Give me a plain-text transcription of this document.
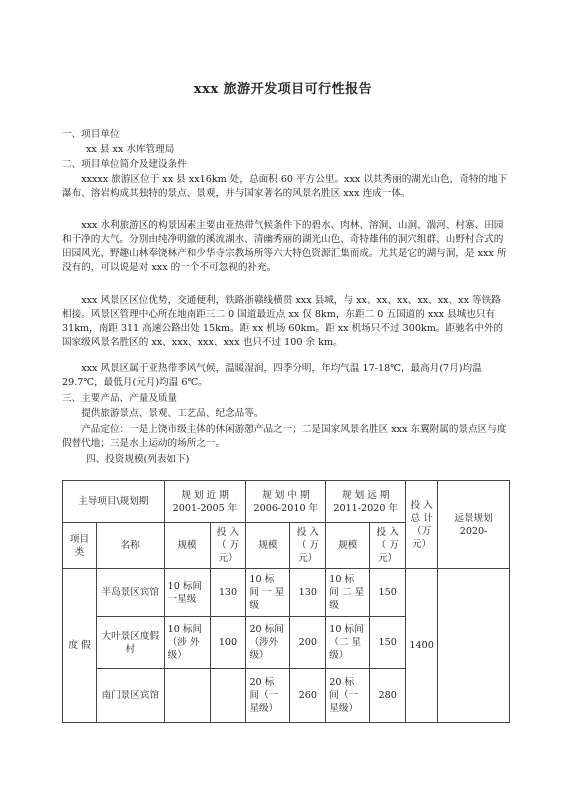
xxx 旅游开发项目可行性报告
一、项目单位
xx 县 xx 水库管理局
二、项目单位简介及建设条件

xxxxx 旅游区位于 xx 县 xx16km 处，总面积 60 平方公里。xxx 以其秀丽的湖光山色，奇特的地下瀑布、溶岩构成其独特的景点、景观，并与国家著名的风景名胜区 xxx 连成一体。

xxx 水利旅游区的构景因素主要由亚热带气候条件下的碧水、肉林、溶洞、山洞、湍河、村寨、田园和干净的大气。分别由纯净明澈的溪流湖水、清幽秀丽的湖光山色、奇特雄伟的洞穴组群、山野村合式的田园风光、野趣山林奉饶林产和少华寺宗教场所等六大特色资源汇集而成。尤其是它的湖与洞，是 xxx 所没有的，可以说是对 xxx 的一个不可忽视的补充。

xxx 风景区区位优势，交通便利，铁路浙赣线横贯 xxx 县城，与 xx、xx、xx、xx、xx、xx 等铁路相接。风景区管理中心所在地南距三二 0 国道最近点 xx 仅 8km，东距二 0 五国道的 xxx 县城也只有 31km，南距 311 高速公路出处 15km。距 xx 机场 60km。距 xx 机场只不过 300km。距驰名中外的国家级风景名胜区的 xx、xxx、xxx、xxx 也只不过 100 余 km。

xxx 风景区属于亚热带季风气候，温暖湿润，四季分明，年均气温 17-18℃，最高月(7月)均温 29.7℃，最低月(元月)均温 6℃。

三、主要产品、产量及质量

提供旅游景点、景观、工艺品、纪念品等。

产品定位：一是上饶市级主体的休闲游憩产品之一；二是国家风景名胜区 xxx 东翼附属的景点区与度假替代地；三是水上运动的场所之一。

四、投资规模(列表如下)
主导项目\规划期		规 划 近 期 2001-2005 年		规 划 中 期 2006-2010 年		规 划 远 期 2011-2020 年		投 入 总 计 （万 元）	远景规划 2020-
项目类	名称	规模	投 入 （ 万元）	规模	投 入 （ 万元）	规模	投 入 （ 万元）		
度 假	半岛景区宾馆	10 标间 一星级	130	10 标 间 一 星级	130	10 标 间 二 星级	150	1400	
	大叶景区度假村	10 标间 （涉 外 级）	100	20 标间 （涉外级）	200	10 标间 （二 星级）	150		
	南门景区宾馆			20 标 间（一 星级）	260	20 标 间（一 星级）	280		
